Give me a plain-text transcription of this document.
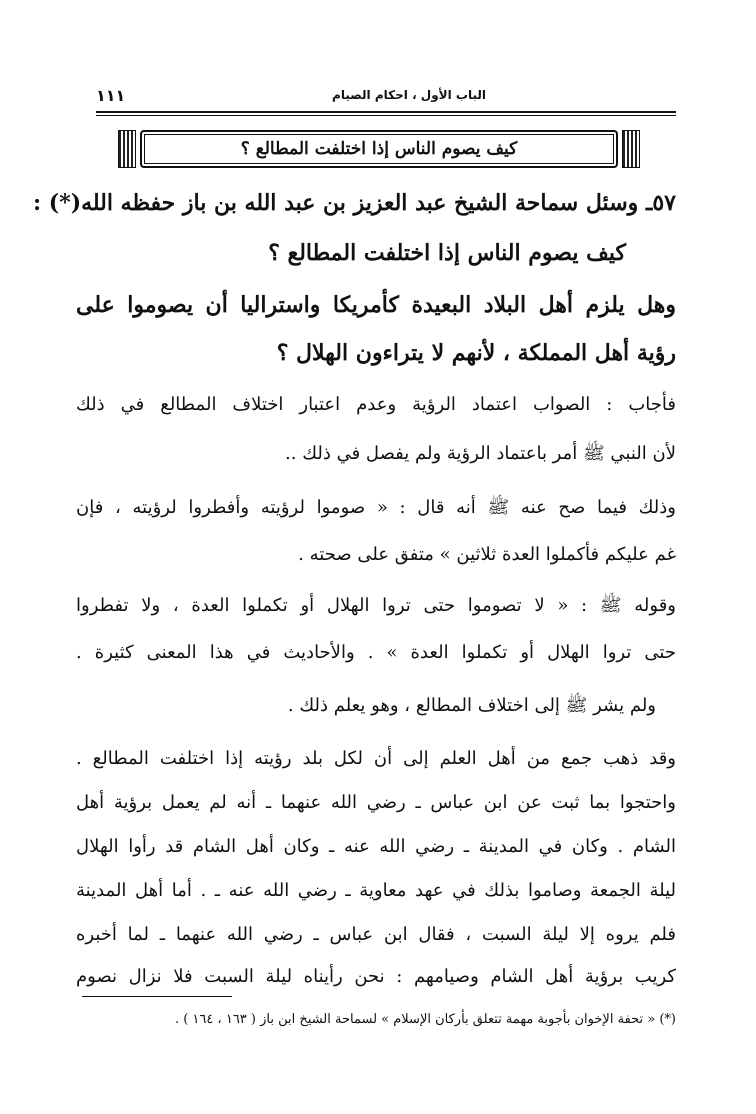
الباب الأول ، احكام الصيام
١١١
كيف يصوم الناس إذا اختلفت المطالع ؟
٥٧ـ وسئل سماحة الشيخ عبد العزيز بن عبد الله بن باز حفظه الله(*) :
كيف يصوم الناس إذا اختلفت المطالع ؟
وهل يلزم أهل البلاد البعيدة كأمريكا واستراليا أن يصوموا على
رؤية أهل المملكة ، لأنهم لا يتراءون الهلال ؟
فأجاب : الصواب اعتماد الرؤية وعدم اعتبار اختلاف المطالع في ذلك
لأن النبي ﷺ أمر باعتماد الرؤية ولم يفصل في ذلك ..
وذلك فيما صح عنه ﷺ أنه قال : « صوموا لرؤيته وأفطروا لرؤيته ، فإن
غم عليكم فأكملوا العدة ثلاثين » متفق على صحته .
وقوله ﷺ : « لا تصوموا حتى تروا الهلال أو تكملوا العدة ، ولا تفطروا
حتى تروا الهلال أو تكملوا العدة » . والأحاديث في هذا المعنى كثيرة .
ولم يشر ﷺ إلى اختلاف المطالع ، وهو يعلم ذلك .
وقد ذهب جمع من أهل العلم إلى أن لكل بلد رؤيته إذا اختلفت المطالع .
واحتجوا بما ثبت عن ابن عباس ـ رضي الله عنهما ـ أنه لم يعمل برؤية أهل
الشام . وكان في المدينة ـ رضي الله عنه ـ وكان أهل الشام قد رأوا الهلال
ليلة الجمعة وصاموا بذلك في عهد معاوية ـ رضي الله عنه ـ . أما أهل المدينة
فلم يروه إلا ليلة السبت ، فقال ابن عباس ـ رضي الله عنهما ـ لما أخبره
كريب برؤية أهل الشام وصيامهم : نحن رأيناه ليلة السبت فلا نزال نصوم
(*) « تحفة الإخوان بأجوبة مهمة تتعلق بأركان الإسلام » لسماحة الشيخ ابن باز ( ١٦٣ ، ١٦٤ ) .
